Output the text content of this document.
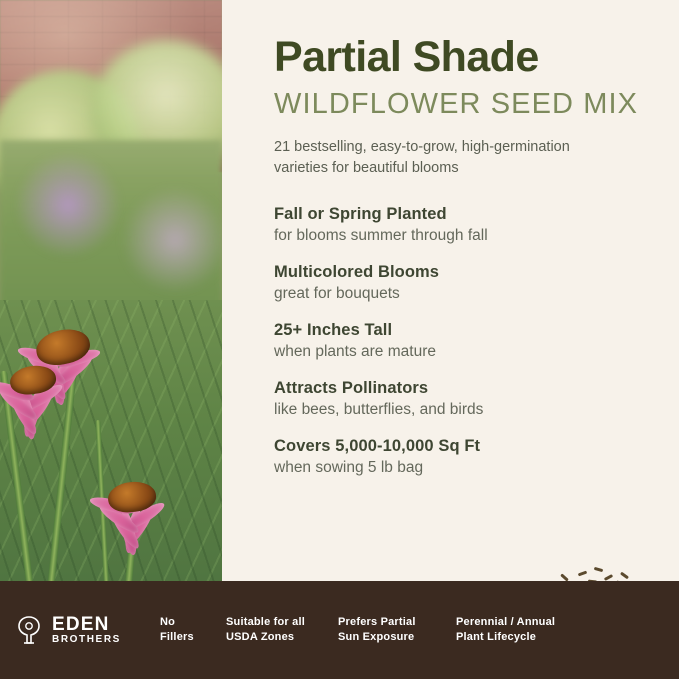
Partial Shade
WILDFLOWER SEED MIX

21 bestselling, easy-to-grow, high-germination varieties for beautiful blooms

Fall or Spring Planted
for blooms summer through fall
Multicolored Blooms
great for bouquets
25+ Inches Tall
when plants are mature
Attracts Pollinators
like bees, butterflies, and birds
Covers 5,000-10,000 Sq Ft
when sowing 5 lb bag
EDEN
BROTHERS
No
Fillers
Suitable for all
USDA Zones
Prefers Partial
Sun Exposure
Perennial / Annual
Plant Lifecycle
